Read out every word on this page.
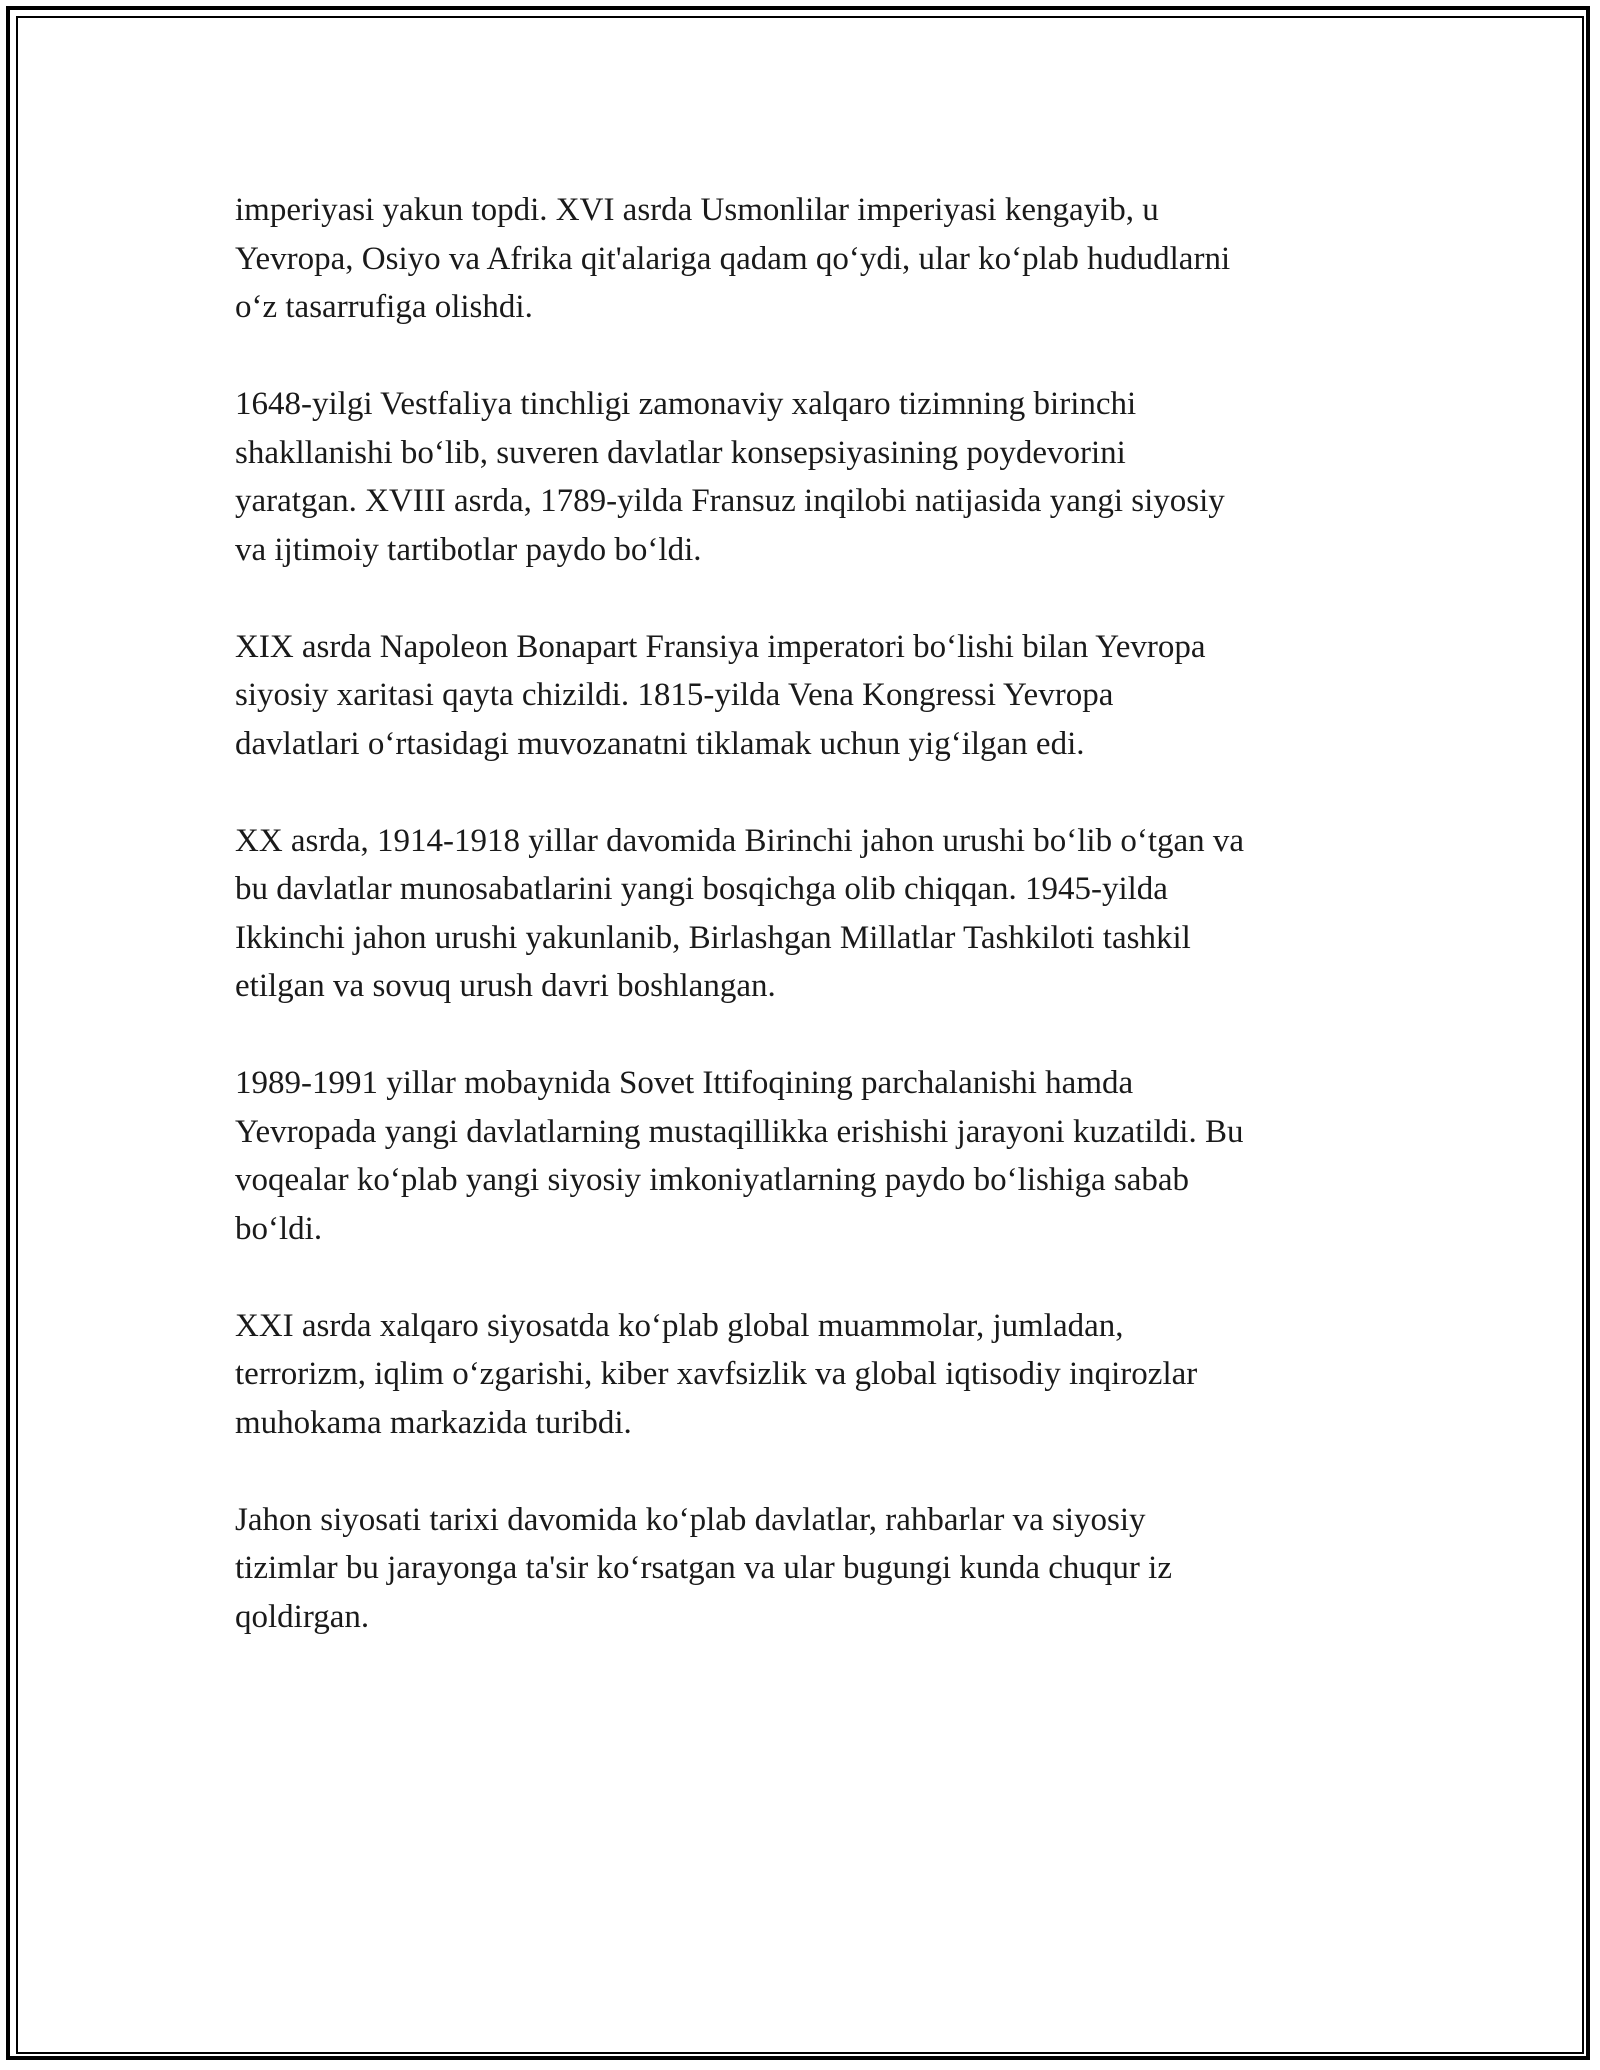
imperiyasi yakun topdi. XVI asrda Usmonlilar imperiyasi kengayib, u
Yevropa, Osiyo va Afrika qit'alariga qadam qo‘ydi, ular ko‘plab hududlarni
o‘z tasarrufiga olishdi.

1648-yilgi Vestfaliya tinchligi zamonaviy xalqaro tizimning birinchi
shakllanishi bo‘lib, suveren davlatlar konsepsiyasining poydevorini
yaratgan. XVIII asrda, 1789-yilda Fransuz inqilobi natijasida yangi siyosiy
va ijtimoiy tartibotlar paydo bo‘ldi.

XIX asrda Napoleon Bonapart Fransiya imperatori bo‘lishi bilan Yevropa
siyosiy xaritasi qayta chizildi. 1815-yilda Vena Kongressi Yevropa
davlatlari o‘rtasidagi muvozanatni tiklamak uchun yig‘ilgan edi.

XX asrda, 1914-1918 yillar davomida Birinchi jahon urushi bo‘lib o‘tgan va
bu davlatlar munosabatlarini yangi bosqichga olib chiqqan. 1945-yilda
Ikkinchi jahon urushi yakunlanib, Birlashgan Millatlar Tashkiloti tashkil
etilgan va sovuq urush davri boshlangan.

1989-1991 yillar mobaynida Sovet Ittifoqining parchalanishi hamda
Yevropada yangi davlatlarning mustaqillikka erishishi jarayoni kuzatildi. Bu
voqealar ko‘plab yangi siyosiy imkoniyatlarning paydo bo‘lishiga sabab
bo‘ldi.

XXI asrda xalqaro siyosatda ko‘plab global muammolar, jumladan,
terrorizm, iqlim o‘zgarishi, kiber xavfsizlik va global iqtisodiy inqirozlar
muhokama markazida turibdi.

Jahon siyosati tarixi davomida ko‘plab davlatlar, rahbarlar va siyosiy
tizimlar bu jarayonga ta'sir ko‘rsatgan va ular bugungi kunda chuqur iz
qoldirgan.
